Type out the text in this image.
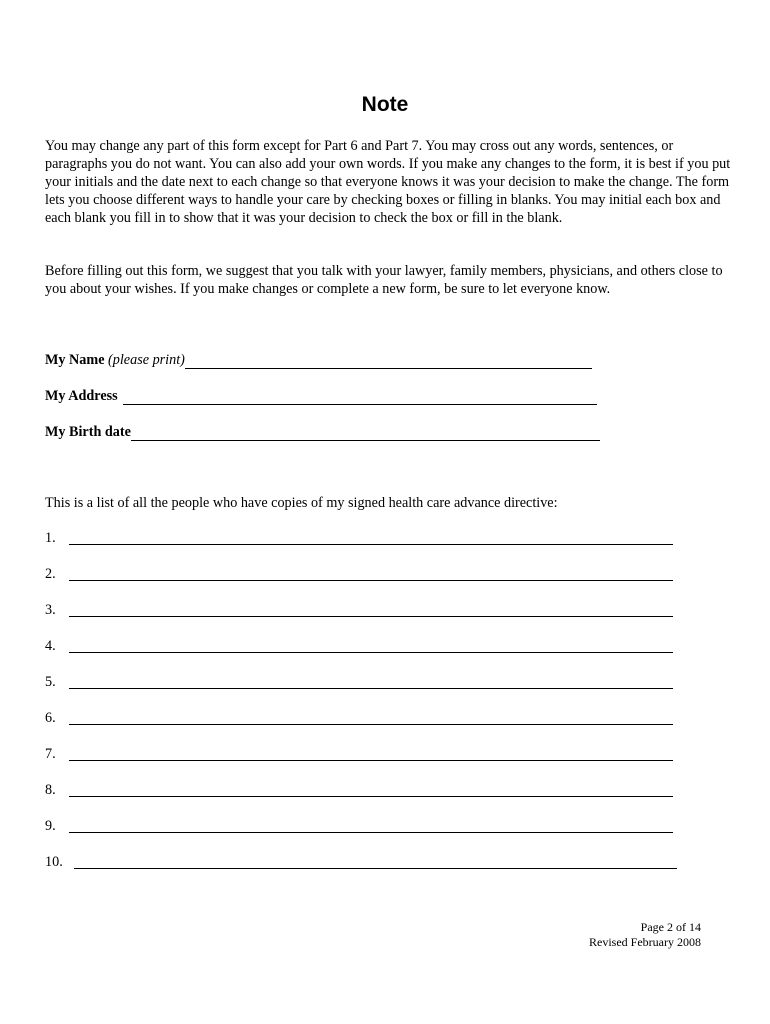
Note

You may change any part of this form except for Part 6 and Part 7. You may cross out any words, sentences, or paragraphs you do not want. You can also add your own words. If you make any changes to the form, it is best if you put your initials and the date next to each change so that everyone knows it was your decision to make the change. The form lets you choose different ways to handle your care by checking boxes or filling in blanks. You may initial each box and each blank you fill in to show that it was your decision to check the box or fill in the blank.

Before filling out this form, we suggest that you talk with your lawyer, family members, physicians, and others close to you about your wishes. If you make changes or complete a new form, be sure to let everyone know.

My Name
(please print)
My Address
My Birth date
This is a list of all the people who have copies of my signed health care advance directive:
1.
2.
3.
4.
5.
6.
7.
8.
9.
10.
Page 2 of 14
Revised February 2008
